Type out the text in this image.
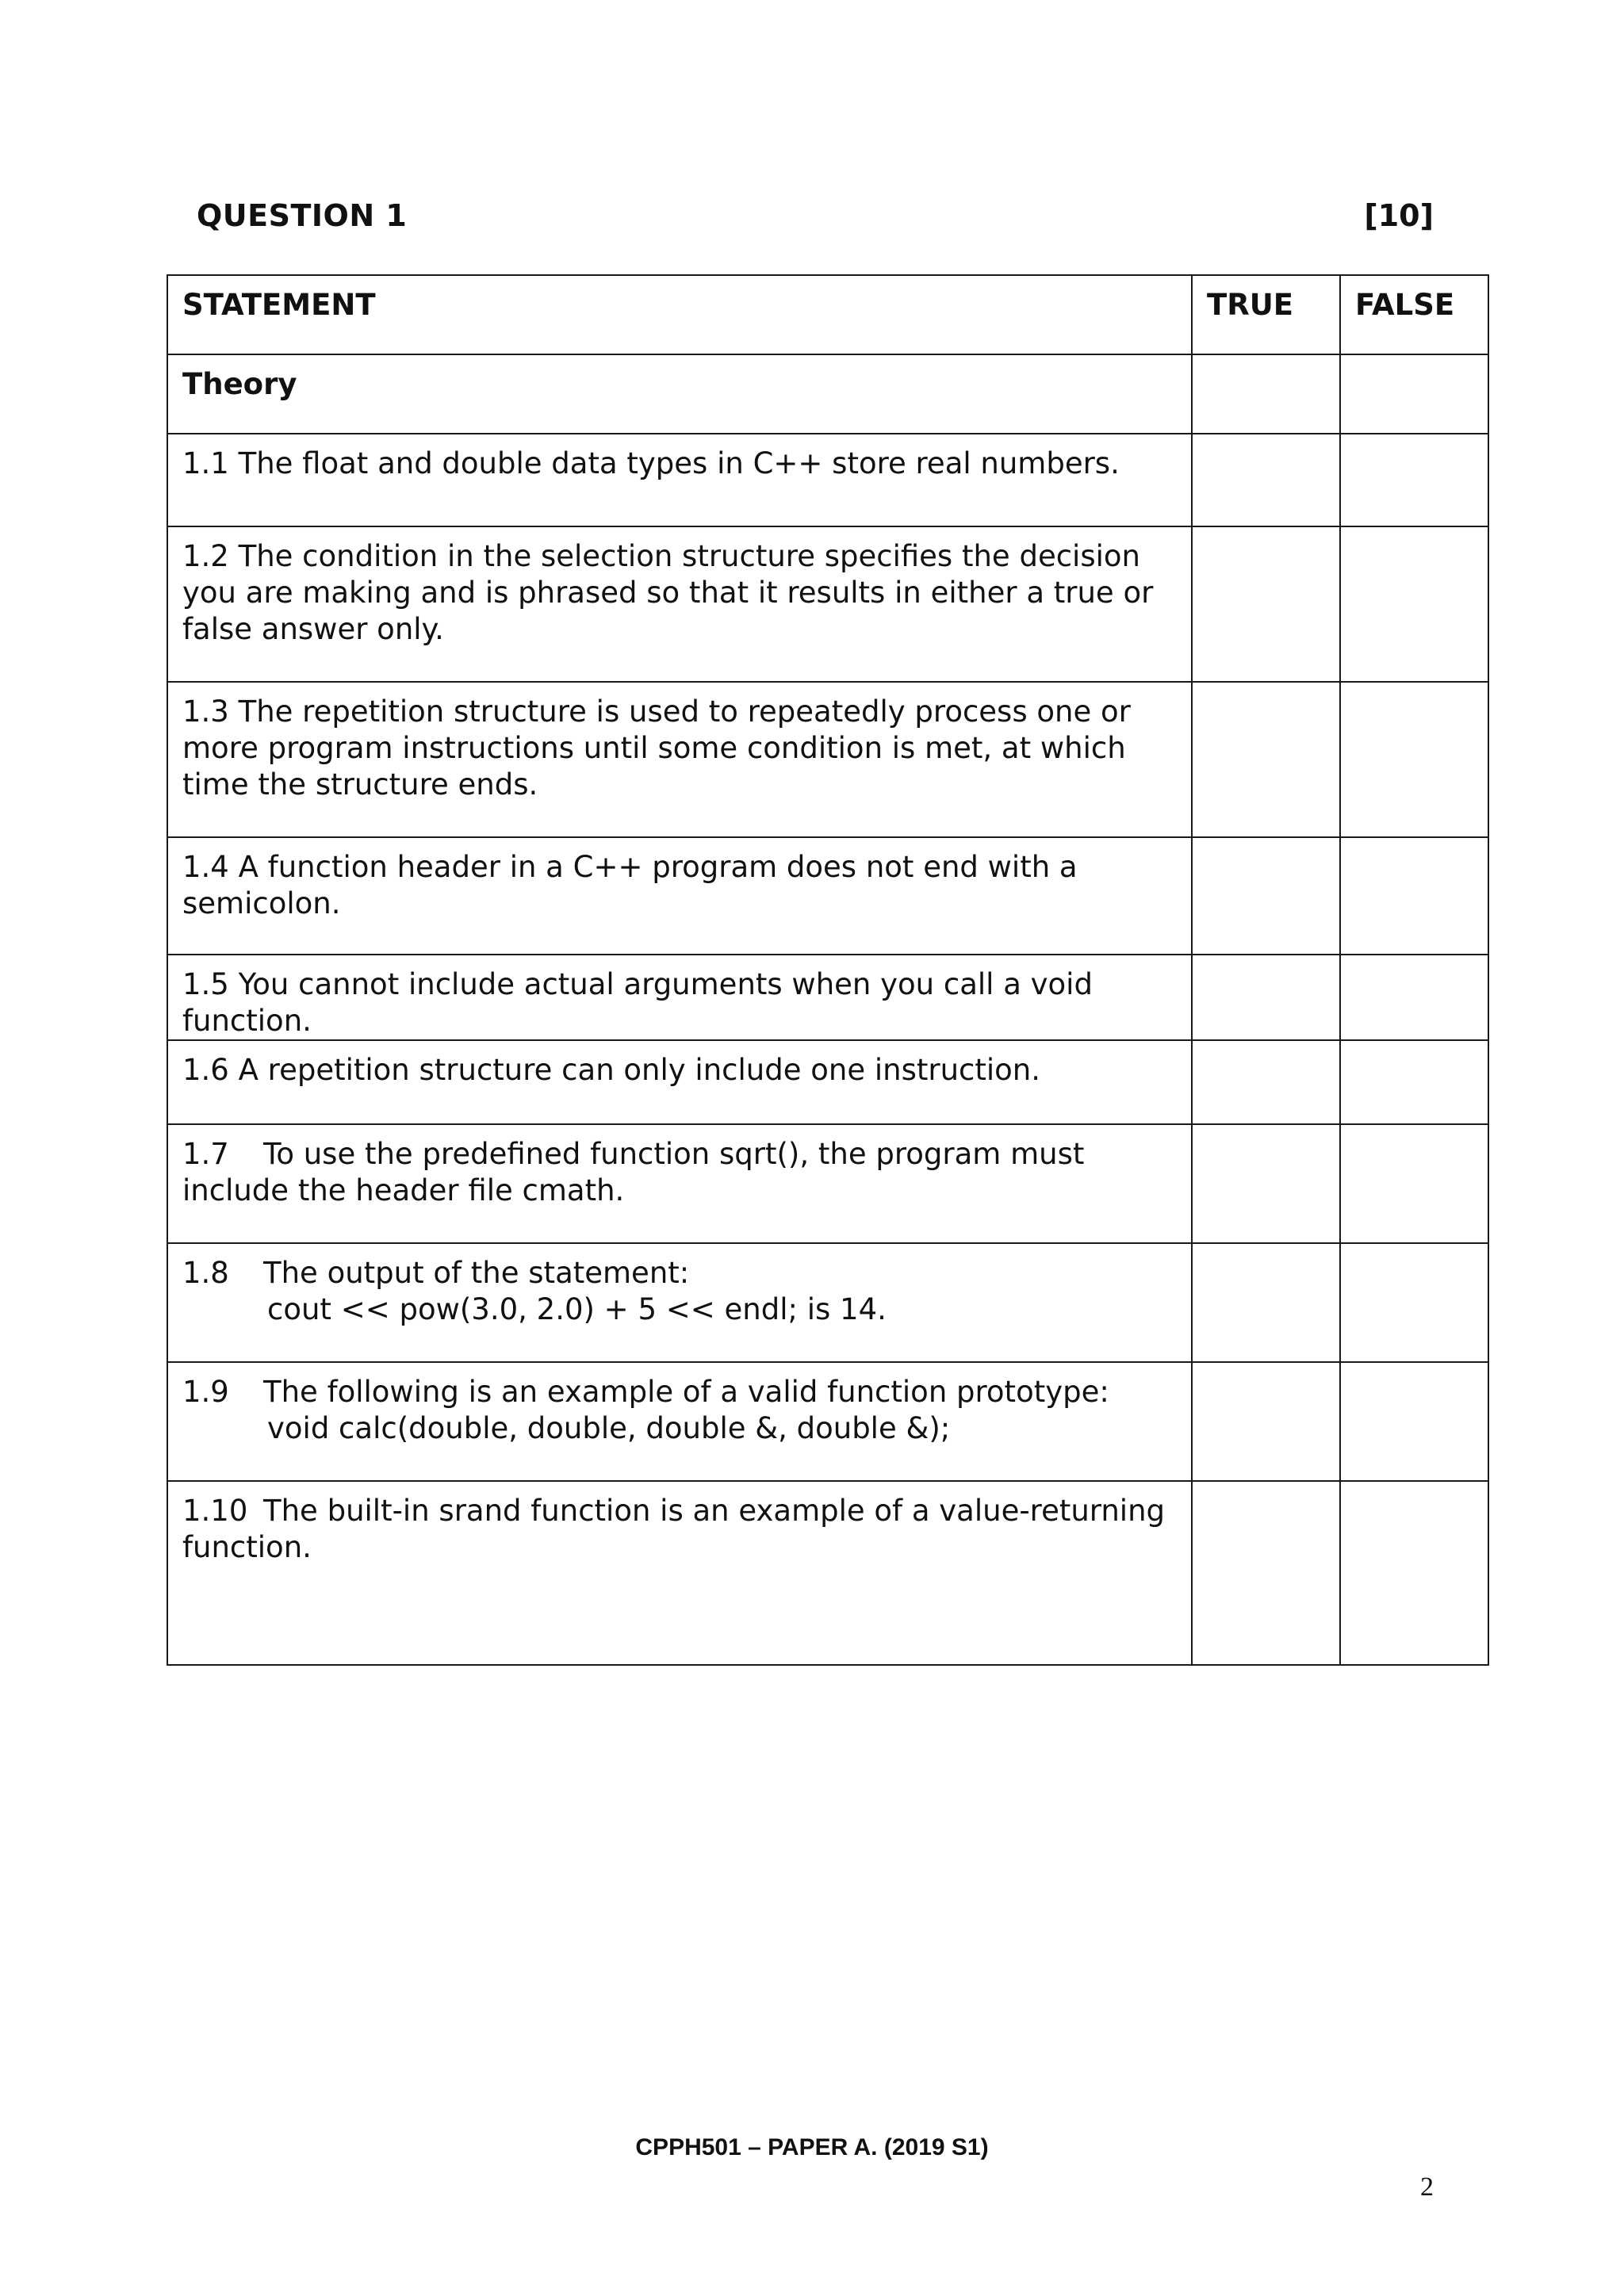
QUESTION 1	[10]
STATEMENT	TRUE	FALSE
Theory		
1.1 The float and double data types in C++ store real numbers.		
1.2 The condition in the selection structure specifies the decision you are making and is phrased so that it results in either a true or false answer only.		
1.3 The repetition structure is used to repeatedly process one or more program instructions until some condition is met, at which time the structure ends.		
1.4 A function header in a C++ program does not end with a semicolon.		
1.5 You cannot include actual arguments when you call a void function.		
1.6 A repetition structure can only include one instruction.		
1.7 To use the predefined function sqrt(), the program must include the header file cmath.		
1.8 The output of the statement:
cout << pow(3.0, 2.0) + 5 << endl; is 14.		

1.9 The following is an example of a valid function prototype:
void calc(double, double, double &, double &);		

1.10 The built-in srand function is an example of a value-returning function.		
CPPH501 – PAPER A. (2019 S1)
2
